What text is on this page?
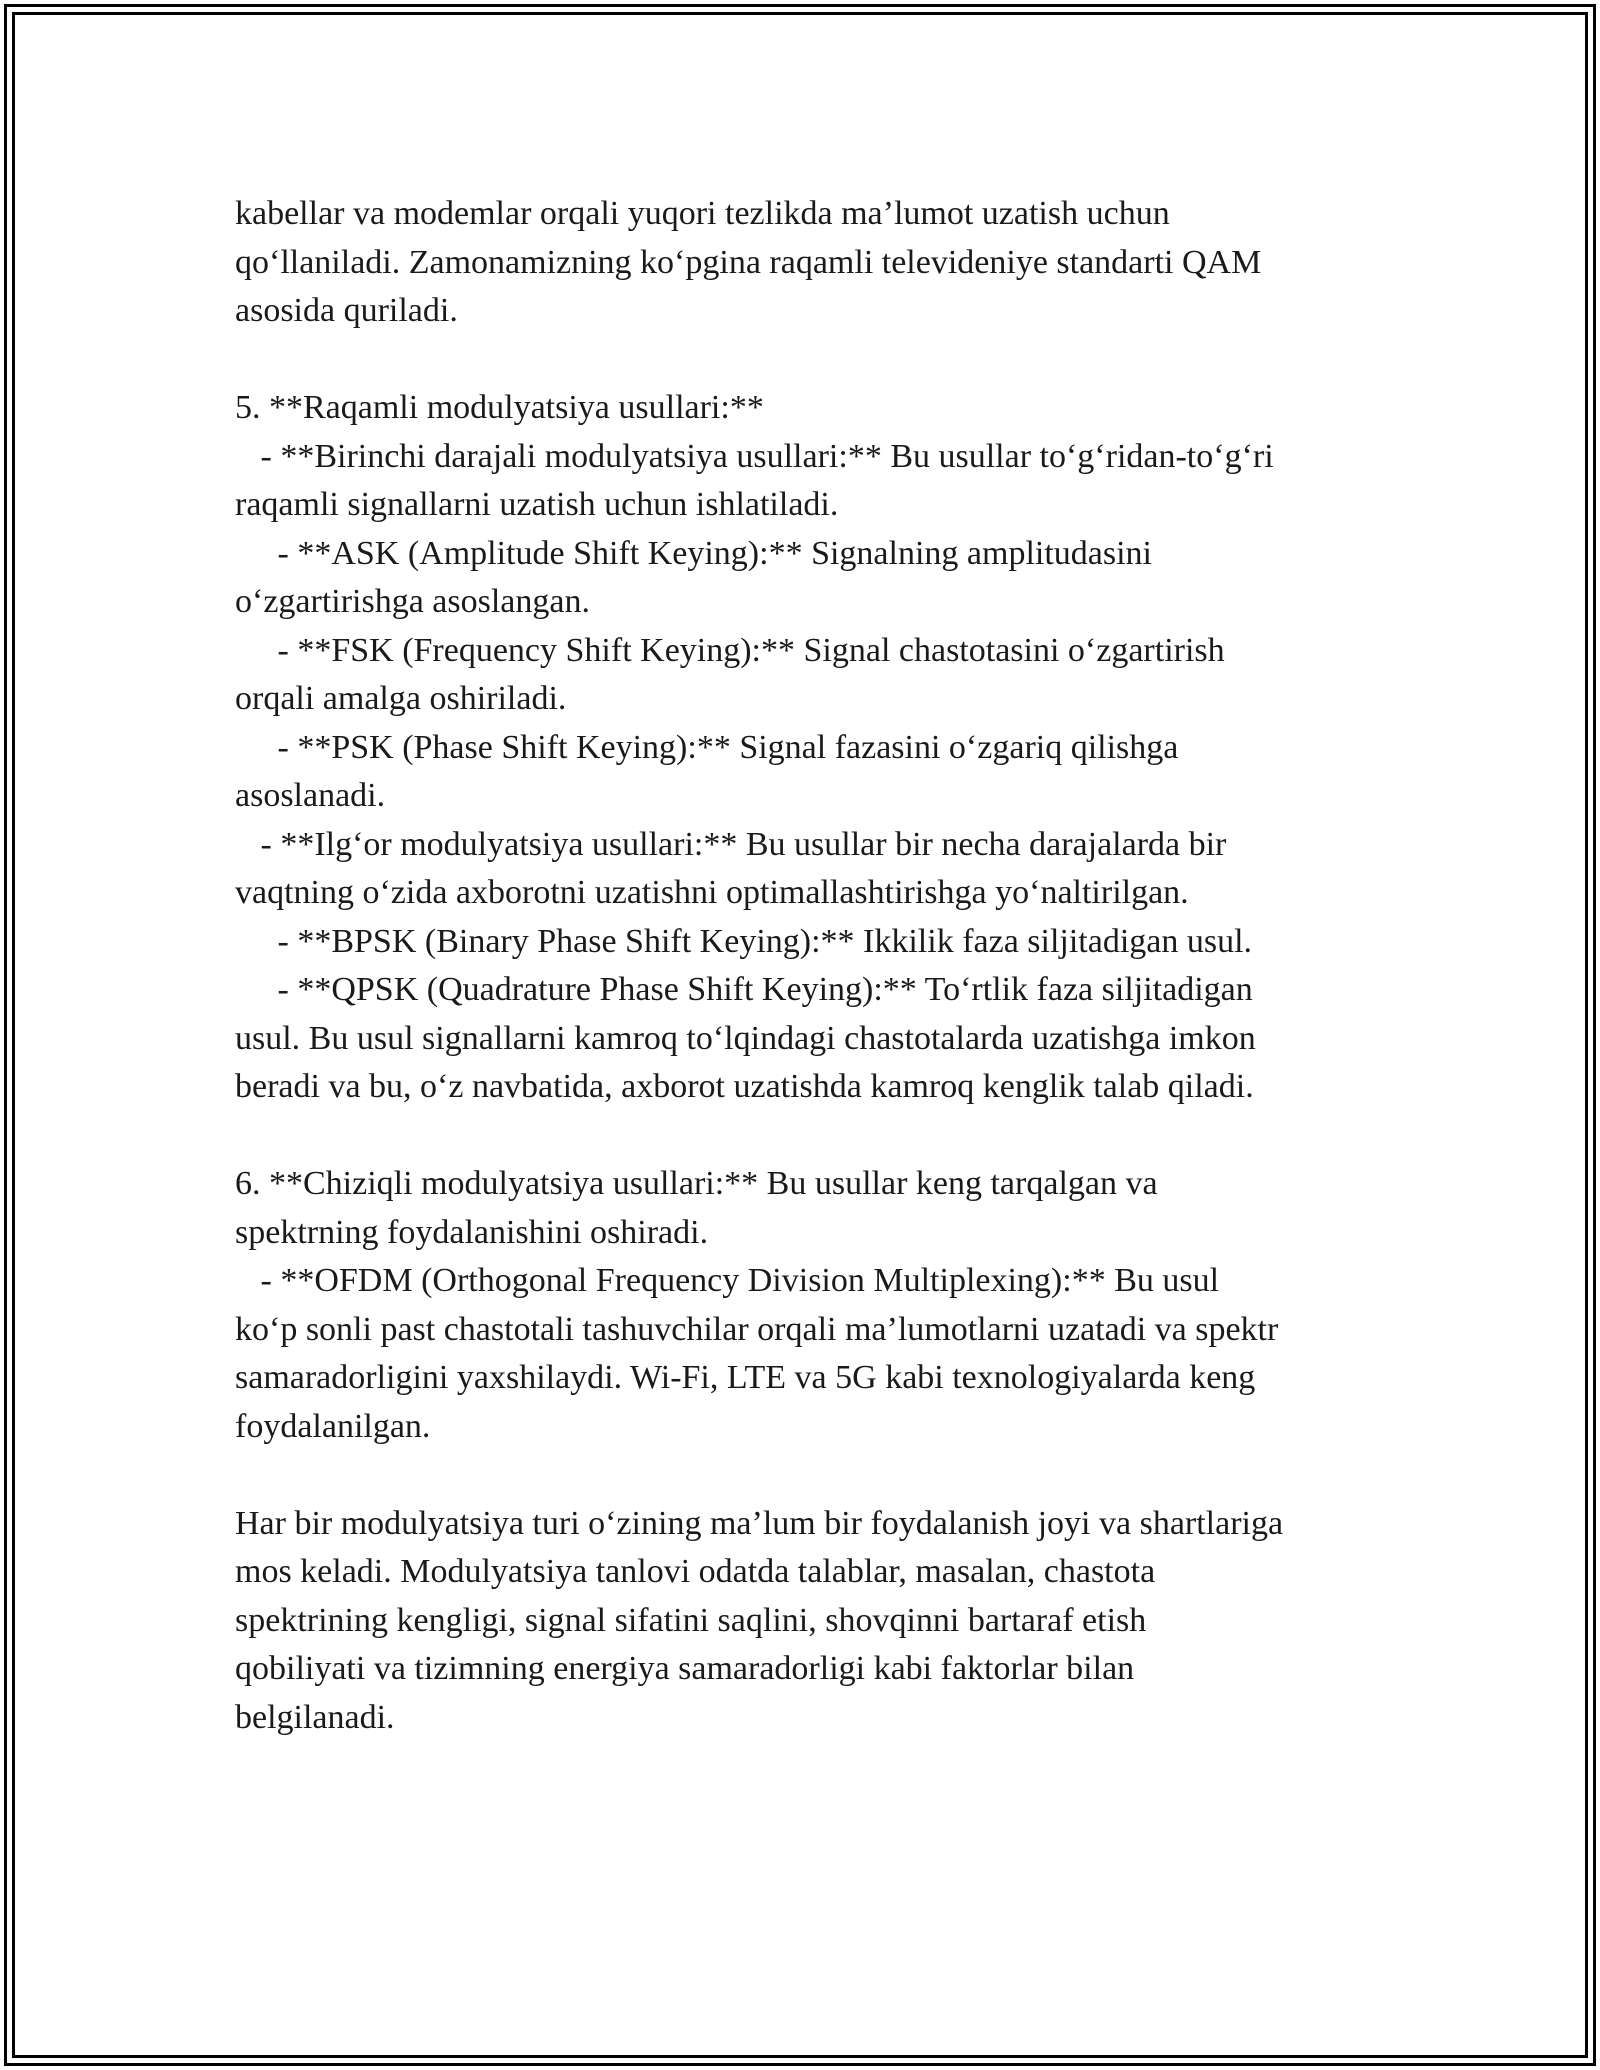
kabellar va modemlar orqali yuqori tezlikda ma’lumot uzatish uchun
qo‘llaniladi. Zamonamizning ko‘pgina raqamli televideniye standarti QAM
asosida quriladi.
5. **Raqamli modulyatsiya usullari:**
- **Birinchi darajali modulyatsiya usullari:** Bu usullar to‘g‘ridan-to‘g‘ri
raqamli signallarni uzatish uchun ishlatiladi.
- **ASK (Amplitude Shift Keying):** Signalning amplitudasini
o‘zgartirishga asoslangan.
- **FSK (Frequency Shift Keying):** Signal chastotasini o‘zgartirish
orqali amalga oshiriladi.
- **PSK (Phase Shift Keying):** Signal fazasini o‘zgariq qilishga
asoslanadi.
- **Ilg‘or modulyatsiya usullari:** Bu usullar bir necha darajalarda bir
vaqtning o‘zida axborotni uzatishni optimallashtirishga yo‘naltirilgan.
- **BPSK (Binary Phase Shift Keying):** Ikkilik faza siljitadigan usul.
- **QPSK (Quadrature Phase Shift Keying):** To‘rtlik faza siljitadigan
usul. Bu usul signallarni kamroq to‘lqindagi chastotalarda uzatishga imkon
beradi va bu, o‘z navbatida, axborot uzatishda kamroq kenglik talab qiladi.
6. **Chiziqli modulyatsiya usullari:** Bu usullar keng tarqalgan va
spektrning foydalanishini oshiradi.
- **OFDM (Orthogonal Frequency Division Multiplexing):** Bu usul
ko‘p sonli past chastotali tashuvchilar orqali ma’lumotlarni uzatadi va spektr
samaradorligini yaxshilaydi. Wi-Fi, LTE va 5G kabi texnologiyalarda keng
foydalanilgan.
Har bir modulyatsiya turi o‘zining ma’lum bir foydalanish joyi va shartlariga
mos keladi. Modulyatsiya tanlovi odatda talablar, masalan, chastota
spektrining kengligi, signal sifatini saqlini, shovqinni bartaraf etish
qobiliyati va tizimning energiya samaradorligi kabi faktorlar bilan
belgilanadi.
